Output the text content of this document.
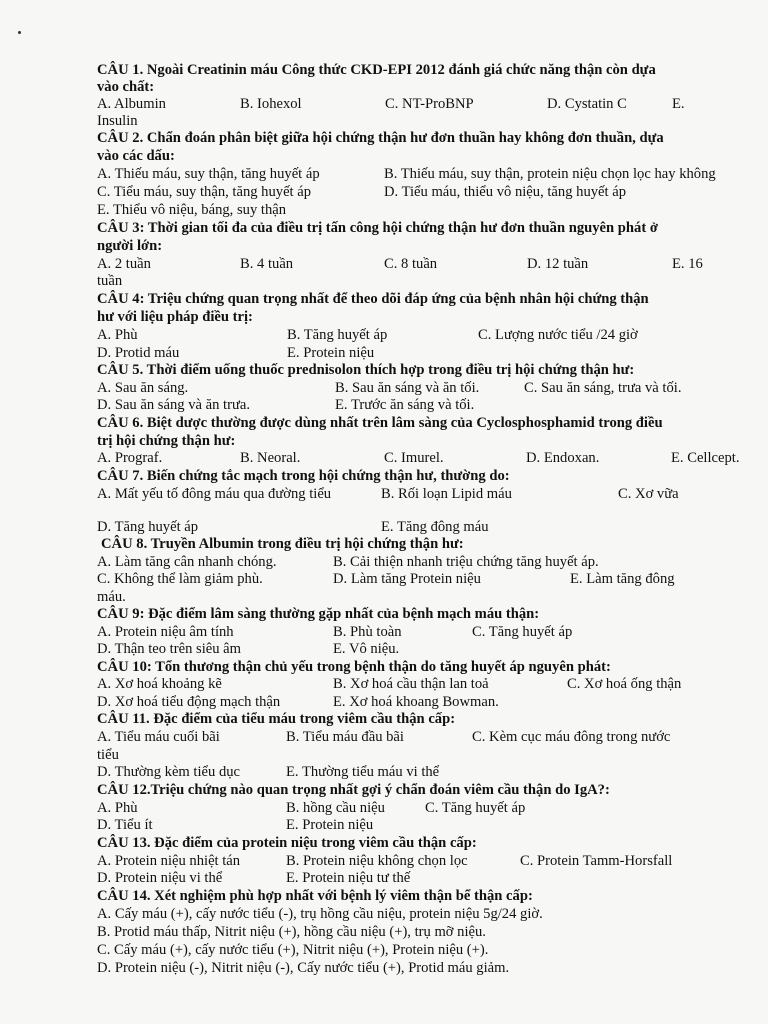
CÂU 1. Ngoài Creatinin máu Công thức CKD-EPI 2012 đánh giá chức năng thận còn dựa
vào chất:
A. Albumin	B. Iohexol	C. NT-ProBNP	D. Cystatin C	E.
Insulin
CÂU 2. Chẩn đoán phân biệt giữa hội chứng thận hư đơn thuần hay không đơn thuần, dựa
vào các dấu:
A. Thiếu máu, suy thận, tăng huyết áp	B. Thiếu máu, suy thận, protein niệu chọn lọc hay không
C. Tiểu máu, suy thận, tăng huyết áp	D. Tiểu máu, thiểu vô niệu, tăng huyết áp
E. Thiểu vô niệu, báng, suy thận
CÂU 3: Thời gian tối đa của điều trị tấn công hội chứng thận hư đơn thuần nguyên phát ở
người lớn:
A. 2 tuần	B. 4 tuần	C. 8 tuần	D. 12 tuần	E. 16
tuần
CÂU 4: Triệu chứng quan trọng nhất để theo dõi đáp ứng của bệnh nhân hội chứng thận
hư với liệu pháp điều trị:
A. Phù	B. Tăng huyết áp	C. Lượng nước tiểu /24 giờ
D. Protid máu	E. Protein niệu
CÂU 5. Thời điểm uống thuốc prednisolon thích hợp trong điều trị hội chứng thận hư:
A. Sau ăn sáng.	B. Sau ăn sáng và ăn tối.	C. Sau ăn sáng, trưa và tối.
D. Sau ăn sáng và ăn trưa.	E. Trước ăn sáng và tối.
CÂU 6. Biệt dược thường được dùng nhất trên lâm sàng của Cyclosphosphamid trong điều
trị hội chứng thận hư:
A. Prograf.	B. Neoral.	C. Imurel.	D. Endoxan.	E. Cellcept.
CÂU 7. Biến chứng tắc mạch trong hội chứng thận hư, thường do:
A. Mất yếu tố đông máu qua đường tiểu	B. Rối loạn Lipid máu	C. Xơ vữa
D. Tăng huyết áp	E. Tăng đông máu
CÂU 8. Truyền Albumin trong điều trị hội chứng thận hư:
A. Làm tăng cân nhanh chóng.	B. Cải thiện nhanh triệu chứng tăng huyết áp.
C. Không thể làm giảm phù.	D. Làm tăng Protein niệu	E. Làm tăng đông
máu.
CÂU 9: Đặc điểm lâm sàng thường gặp nhất của bệnh mạch máu thận:
A. Protein niệu âm tính	B. Phù toàn	C. Tăng huyết áp
D. Thận teo trên siêu âm	E. Vô niệu.
CÂU 10: Tổn thương thận chủ yếu trong bệnh thận do tăng huyết áp nguyên phát:
A. Xơ hoá khoảng kẽ	B. Xơ hoá cầu thận lan toả	C. Xơ hoá ống thận
D. Xơ hoá tiểu động mạch thận	E. Xơ hoá khoang Bowman.
CÂU 11. Đặc điểm của tiểu máu trong viêm cầu thận cấp:
A. Tiểu máu cuối bãi	B. Tiểu máu đầu bãi	C. Kèm cục máu đông trong nước
tiểu
D. Thường kèm tiểu dục	E. Thường tiểu máu vi thể
CÂU 12.Triệu chứng nào quan trọng nhất gợi ý chẩn đoán viêm cầu thận do IgA?:
A. Phù	B. hồng cầu niệu	C. Tăng huyết áp
D. Tiểu ít	E. Protein niệu
CÂU 13. Đặc điểm của protein niệu trong viêm cầu thận cấp:
A. Protein niệu nhiệt tán	B. Protein niệu không chọn lọc	C. Protein Tamm-Horsfall
D. Protein niệu vi thể	E. Protein niệu tư thế
CÂU 14. Xét nghiệm phù hợp nhất với bệnh lý viêm thận bể thận cấp:
A. Cấy máu (+), cấy nước tiểu (-), trụ hồng cầu niệu, protein niệu 5g/24 giờ.
B. Protid máu thấp, Nitrit niệu (+), hồng cầu niệu (+), trụ mỡ niệu.
C. Cấy máu (+), cấy nước tiểu (+), Nitrit niệu (+), Protein niệu (+).
D. Protein niệu (-), Nitrit niệu (-), Cấy nước tiểu (+), Protid máu giảm.
